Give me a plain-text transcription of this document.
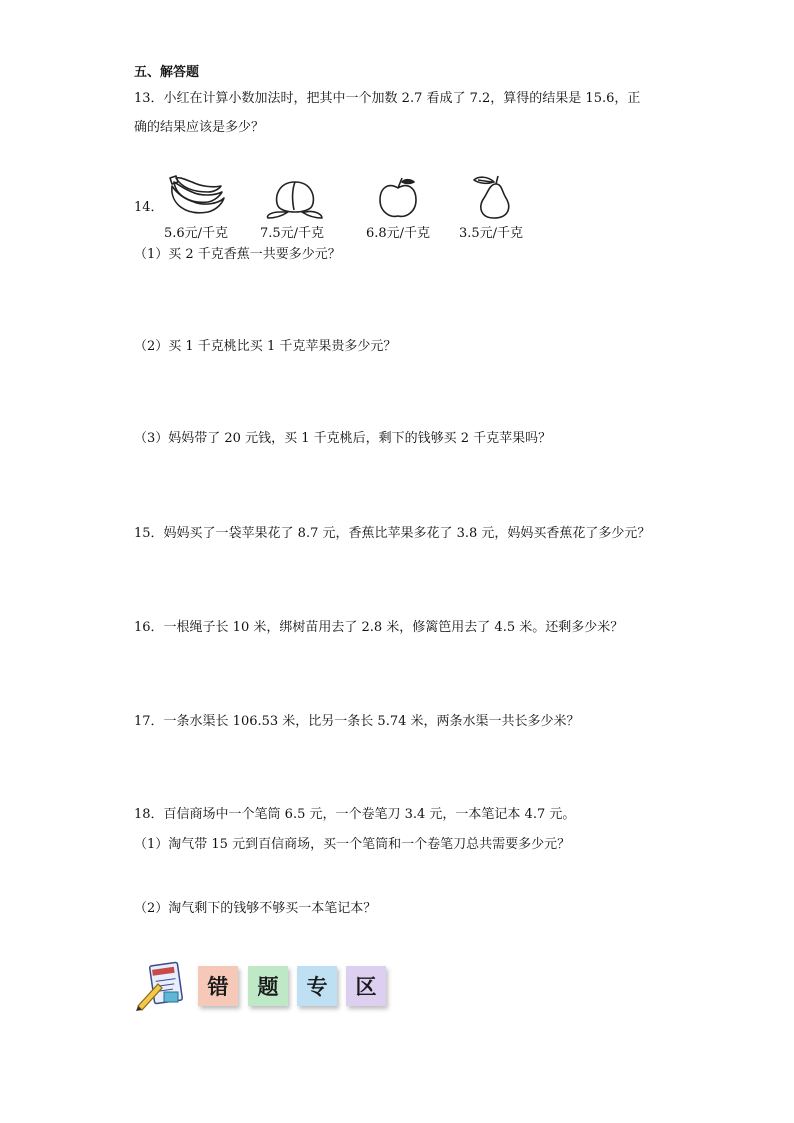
五、解答题
13．小红在计算小数加法时，把其中一个加数 2.7 看成了 7.2，算得的结果是 15.6，正
确的结果应该是多少？
14．
5.6元/千克 7.5元/千克	6.8元/千克 3.5元/千克
（1）买 2 千克香蕉一共要多少元？
（2）买 1 千克桃比买 1 千克苹果贵多少元？
（3）妈妈带了 20 元钱，买 1 千克桃后，剩下的钱够买 2 千克苹果吗？
15．妈妈买了一袋苹果花了 8.7 元，香蕉比苹果多花了 3.8 元，妈妈买香蕉花了多少元？
16．一根绳子长 10 米，绑树苗用去了 2.8 米，修篱笆用去了 4.5 米。还剩多少米？
17．一条水渠长 106.53 米，比另一条长 5.74 米，两条水渠一共长多少米？
18．百信商场中一个笔筒 6.5 元，一个卷笔刀 3.4 元，一本笔记本 4.7 元。
（1）淘气带 15 元到百信商场，买一个笔筒和一个卷笔刀总共需要多少元？
（2）淘气剩下的钱够不够买一本笔记本？
错	题	专	区
